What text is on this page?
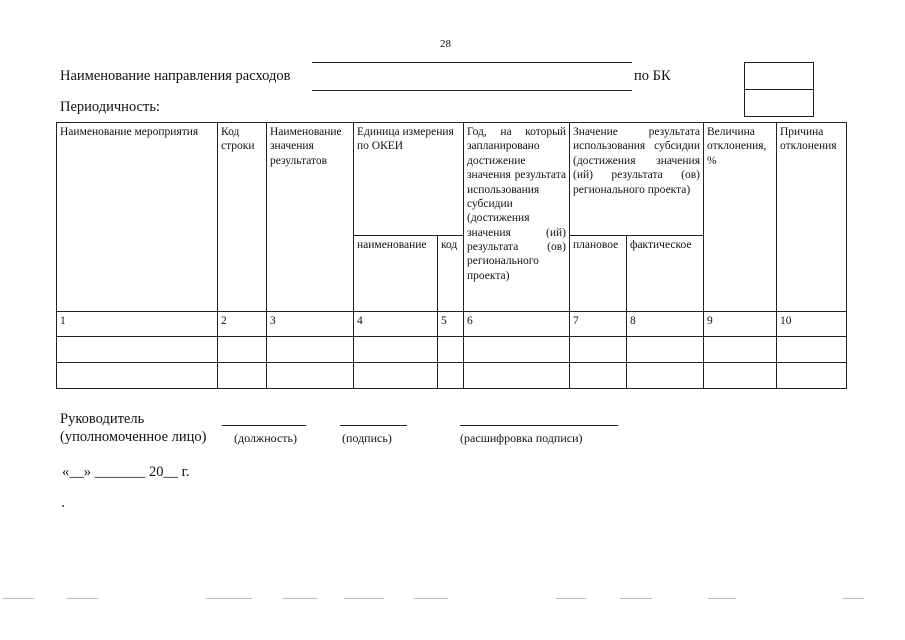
28
Наименование направления расходов	по БК
Периодичность:
Наименование мероприятия	Код строки	Наименование значения результатов	Единица измерения по ОКЕИ		Год, на который запланировано достижение значения результата использования субсидии (достижения значения (ий) результата (ов) регионального проекта)	Значение результата использования субсидии (достижения значения (ий) результата (ов) регионального проекта)		Величина отклонения, %	Причина отклонения
			наименование	код		плановое	фактическое		
1	2	3	4	5	6	7	8	9	10

Руководитель
(уполномоченное лицо) (должность)	(подпись)	(расшифровка подписи)
«__» _______ 20__ г.
